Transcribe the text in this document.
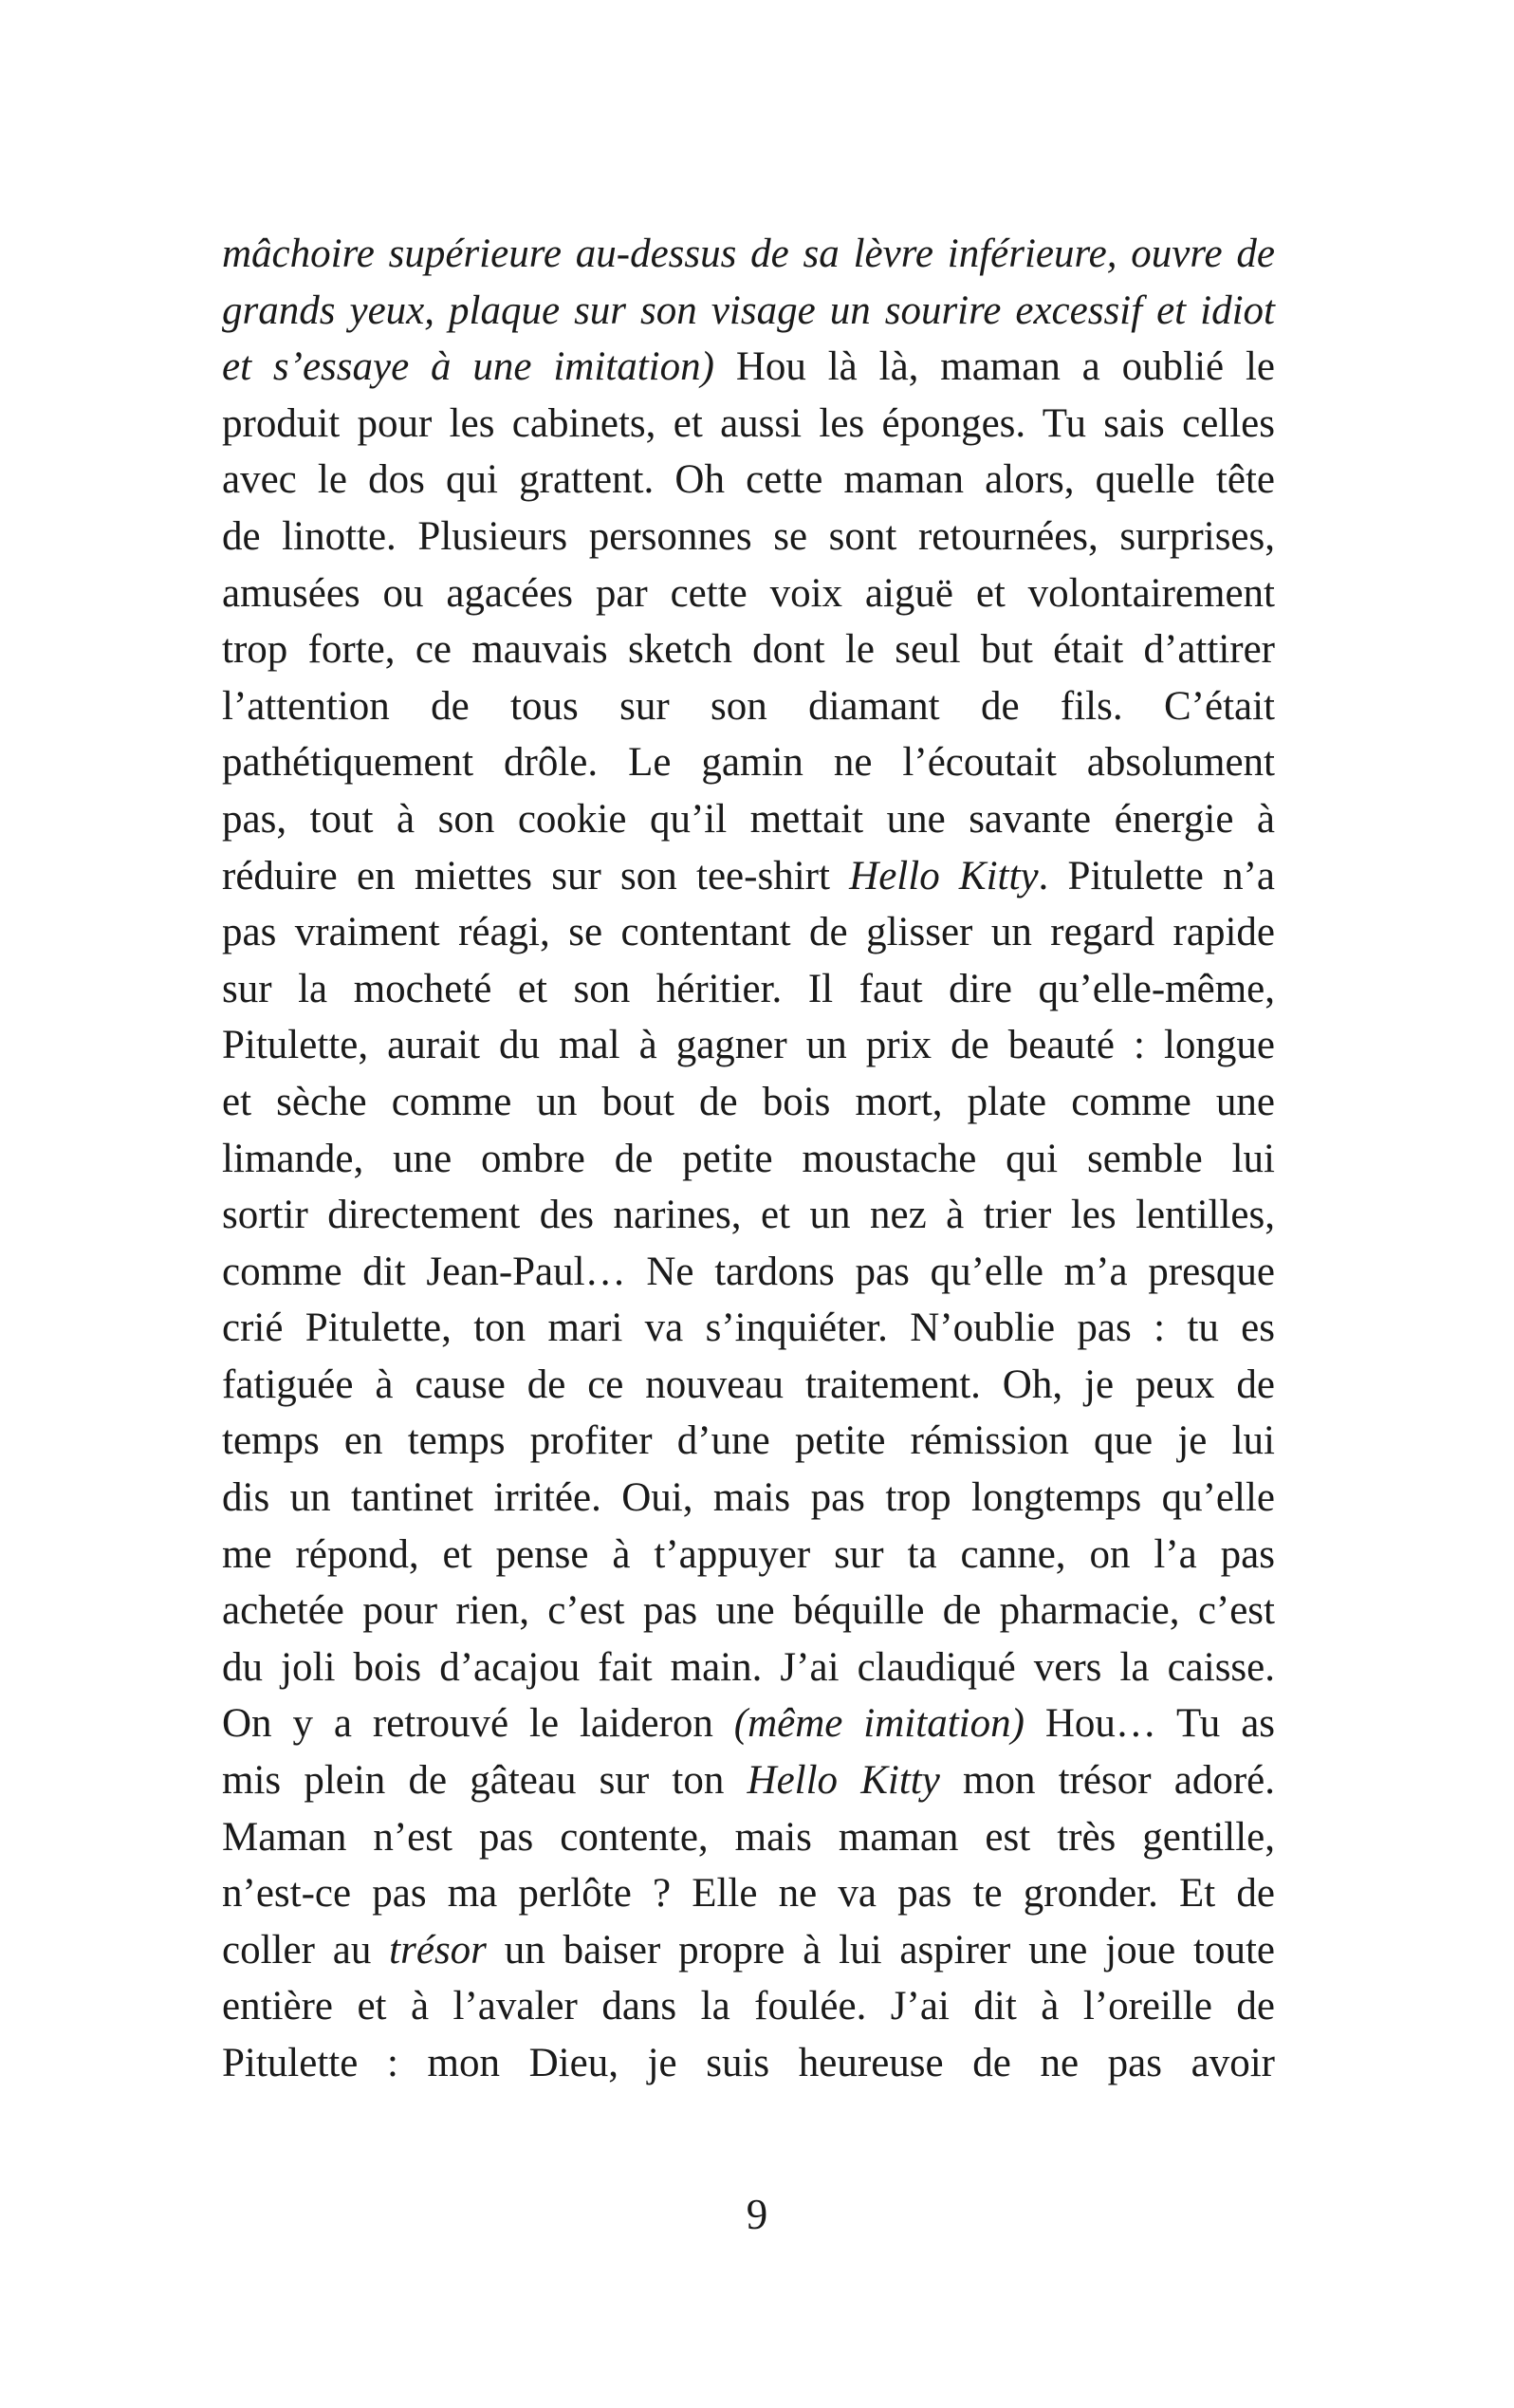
mâchoire supérieure au-dessus de sa lèvre inférieure, ouvre de
grands yeux, plaque sur son visage un sourire excessif et idiot
et s’essaye à une imitation) Hou là là, maman a oublié le
produit pour les cabinets, et aussi les éponges. Tu sais celles
avec le dos qui grattent. Oh cette maman alors, quelle tête
de linotte. Plusieurs personnes se sont retournées, surprises,
amusées ou agacées par cette voix aiguë et volontairement
trop forte, ce mauvais sketch dont le seul but était d’attirer
l’attention de tous sur son diamant de fils. C’était
pathétiquement drôle. Le gamin ne l’écoutait absolument
pas, tout à son cookie qu’il mettait une savante énergie à
réduire en miettes sur son tee-shirt Hello Kitty. Pitulette n’a
pas vraiment réagi, se contentant de glisser un regard rapide
sur la mocheté et son héritier. Il faut dire qu’elle-même,
Pitulette, aurait du mal à gagner un prix de beauté : longue
et sèche comme un bout de bois mort, plate comme une
limande, une ombre de petite moustache qui semble lui
sortir directement des narines, et un nez à trier les lentilles,
comme dit Jean-Paul… Ne tardons pas qu’elle m’a presque
crié Pitulette, ton mari va s’inquiéter. N’oublie pas : tu es
fatiguée à cause de ce nouveau traitement. Oh, je peux de
temps en temps profiter d’une petite rémission que je lui
dis un tantinet irritée. Oui, mais pas trop longtemps qu’elle
me répond, et pense à t’appuyer sur ta canne, on l’a pas
achetée pour rien, c’est pas une béquille de pharmacie, c’est
du joli bois d’acajou fait main. J’ai claudiqué vers la caisse.
On y a retrouvé le laideron (même imitation) Hou… Tu as
mis plein de gâteau sur ton Hello Kitty mon trésor adoré.
Maman n’est pas contente, mais maman est très gentille,
n’est-ce pas ma perlôte ? Elle ne va pas te gronder. Et de
coller au trésor un baiser propre à lui aspirer une joue toute
entière et à l’avaler dans la foulée. J’ai dit à l’oreille de
Pitulette : mon Dieu, je suis heureuse de ne pas avoir

9
